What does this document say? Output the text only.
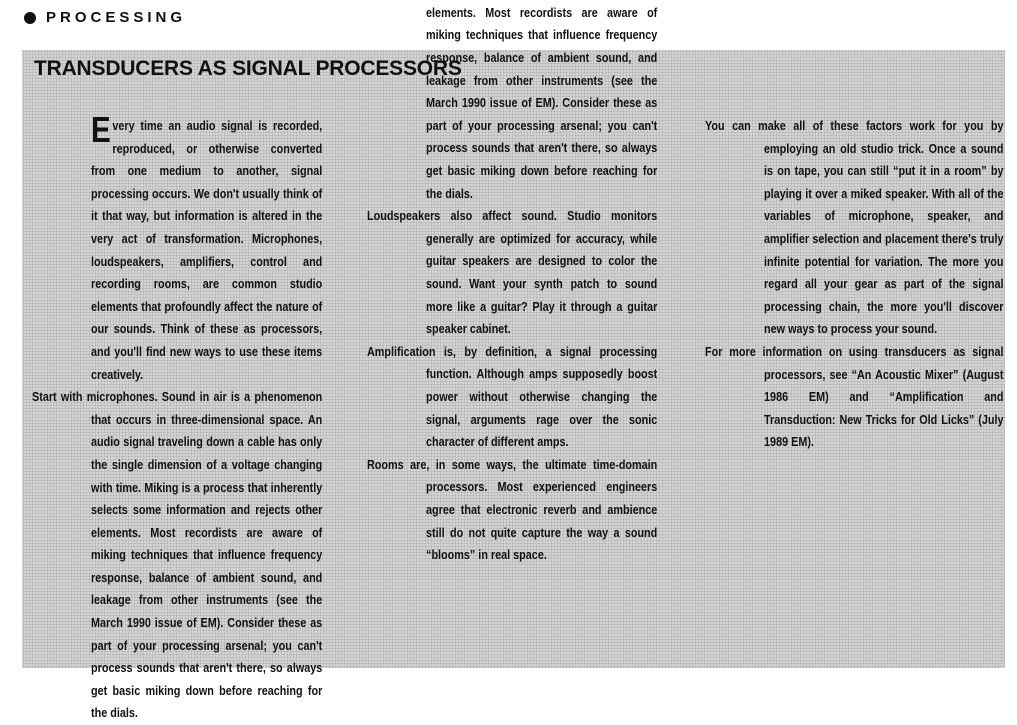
PROCESSING
TRANSDUCERS AS SIGNAL PROCESSORS

Every time an audio signal is recorded, reproduced, or otherwise converted from one medium to another, signal processing occurs. We don't usually think of it that way, but information is altered in the very act of transformation. Microphones, loudspeakers, amplifiers, control and recording rooms, are common studio elements that profoundly affect the nature of our sounds. Think of these as processors, and you'll find new ways to use these items creatively.

Start with microphones. Sound in air is a phenomenon that occurs in three-dimensional space. An audio signal traveling down a cable has only the single dimension of a voltage changing with time. Miking is a process that inherently selects some information and rejects other elements. Most recordists are aware of miking techniques that influence frequency response, balance of ambient sound, and leakage from other instruments (see the March 1990 issue of EM). Consider these as part of your processing arsenal; you can't process sounds that aren't there, so always get basic miking down before reaching for the dials.

elements. Most recordists are aware of miking techniques that influence frequency response, balance of ambient sound, and leakage from other instruments (see the March 1990 issue of EM). Consider these as part of your processing arsenal; you can't process sounds that aren't there, so always get basic miking down before reaching for the dials.

Loudspeakers also affect sound. Studio monitors generally are optimized for accuracy, while guitar speakers are designed to color the sound. Want your synth patch to sound more like a guitar? Play it through a guitar speaker cabinet.

Amplification is, by definition, a signal processing function. Although amps supposedly boost power without otherwise changing the signal, arguments rage over the sonic character of different amps.

Rooms are, in some ways, the ultimate time-domain processors. Most experienced engineers agree that electronic reverb and ambience still do not quite capture the way a sound “blooms” in real space.

You can make all of these factors work for you by employing an old studio trick. Once a sound is on tape, you can still “put it in a room” by playing it over a miked speaker. With all of the variables of microphone, speaker, and amplifier selection and placement there's truly infinite potential for variation. The more you regard all your gear as part of the signal processing chain, the more you'll discover new ways to process your sound.

For more information on using transducers as signal processors, see “An Acoustic Mixer” (August 1986 EM) and “Amplification and Transduction: New Tricks for Old Licks” (July 1989 EM).
